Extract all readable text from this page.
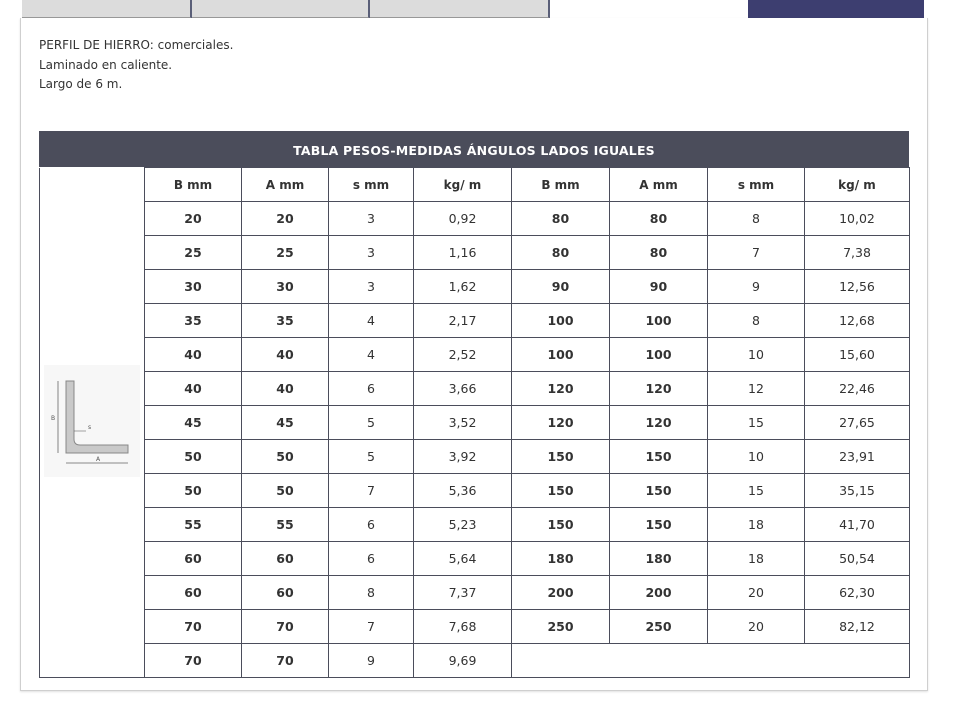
PERFIL DE HIERRO: comerciales.
Laminado en caliente.
Largo de 6 m.
TABLA PESOS-MEDIDAS ÁNGULOS LADOS IGUALES
B
A
s	B mm	A mm	s mm	kg/ m	B mm	A mm	s mm	kg/ m
	20	20	3	0,92	80	80	8	10,02
	25	25	3	1,16	80	80	7	7,38
	30	30	3	1,62	90	90	9	12,56
	35	35	4	2,17	100	100	8	12,68
	40	40	4	2,52	100	100	10	15,60
	40	40	6	3,66	120	120	12	22,46
	45	45	5	3,52	120	120	15	27,65
	50	50	5	3,92	150	150	10	23,91
	50	50	7	5,36	150	150	15	35,15
	55	55	6	5,23	150	150	18	41,70
	60	60	6	5,64	180	180	18	50,54
	60	60	8	7,37	200	200	20	62,30
	70	70	7	7,68	250	250	20	82,12
	70	70	9	9,69				
